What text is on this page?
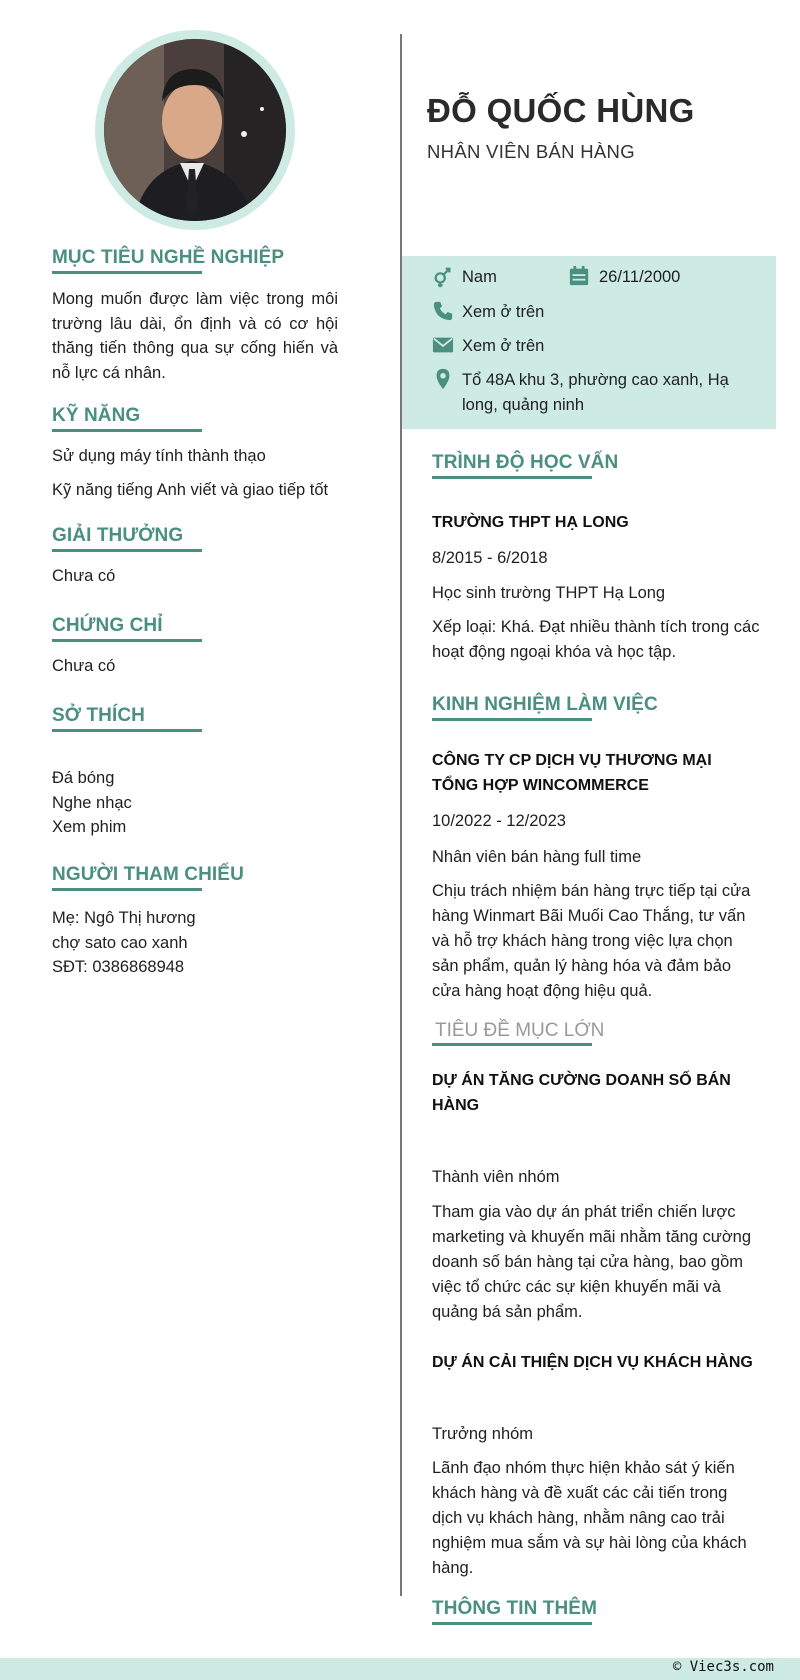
MỤC TIÊU NGHỀ NGHIỆP
Mong muốn được làm việc trong môi trường lâu dài, ổn định và có cơ hội thăng tiến thông qua sự cống hiến và nỗ lực cá nhân.
KỸ NĂNG
Sử dụng máy tính thành thạo
Kỹ năng tiếng Anh viết và giao tiếp tốt
GIẢI THƯỞNG
Chưa có
CHỨNG CHỈ
Chưa có
SỞ THÍCH
Đá bóng
Nghe nhạc
Xem phim
NGƯỜI THAM CHIẾU
Mẹ: Ngô Thị hương
chợ sato cao xanh
SĐT: 0386868948
ĐỖ QUỐC HÙNG
NHÂN VIÊN BÁN HÀNG
Nam	26/11/2000
Xem ở trên
Xem ở trên
Tổ 48A khu 3, phường cao xanh, Hạ long, quảng ninh
TRÌNH ĐỘ HỌC VẤN
TRƯỜNG THPT HẠ LONG
8/2015 - 6/2018
Học sinh trường THPT Hạ Long
Xếp loại: Khá. Đạt nhiều thành tích trong các hoạt động ngoại khóa và học tập.
KINH NGHIỆM LÀM VIỆC
CÔNG TY CP DỊCH VỤ THƯƠNG MẠI TỔNG HỢP WINCOMMERCE
10/2022 - 12/2023
Nhân viên bán hàng full time
Chịu trách nhiệm bán hàng trực tiếp tại cửa hàng Winmart Bãi Muối Cao Thắng, tư vấn và hỗ trợ khách hàng trong việc lựa chọn sản phẩm, quản lý hàng hóa và đảm bảo cửa hàng hoạt động hiệu quả.
TIÊU ĐỀ MỤC LỚN
DỰ ÁN TĂNG CƯỜNG DOANH SỐ BÁN HÀNG
Thành viên nhóm
Tham gia vào dự án phát triển chiến lược marketing và khuyến mãi nhằm tăng cường doanh số bán hàng tại cửa hàng, bao gồm việc tổ chức các sự kiện khuyến mãi và quảng bá sản phẩm.
DỰ ÁN CẢI THIỆN DỊCH VỤ KHÁCH HÀNG
Trưởng nhóm
Lãnh đạo nhóm thực hiện khảo sát ý kiến khách hàng và đề xuất các cải tiến trong dịch vụ khách hàng, nhằm nâng cao trải nghiệm mua sắm và sự hài lòng của khách hàng.
THÔNG TIN THÊM
© Viec3s.com
